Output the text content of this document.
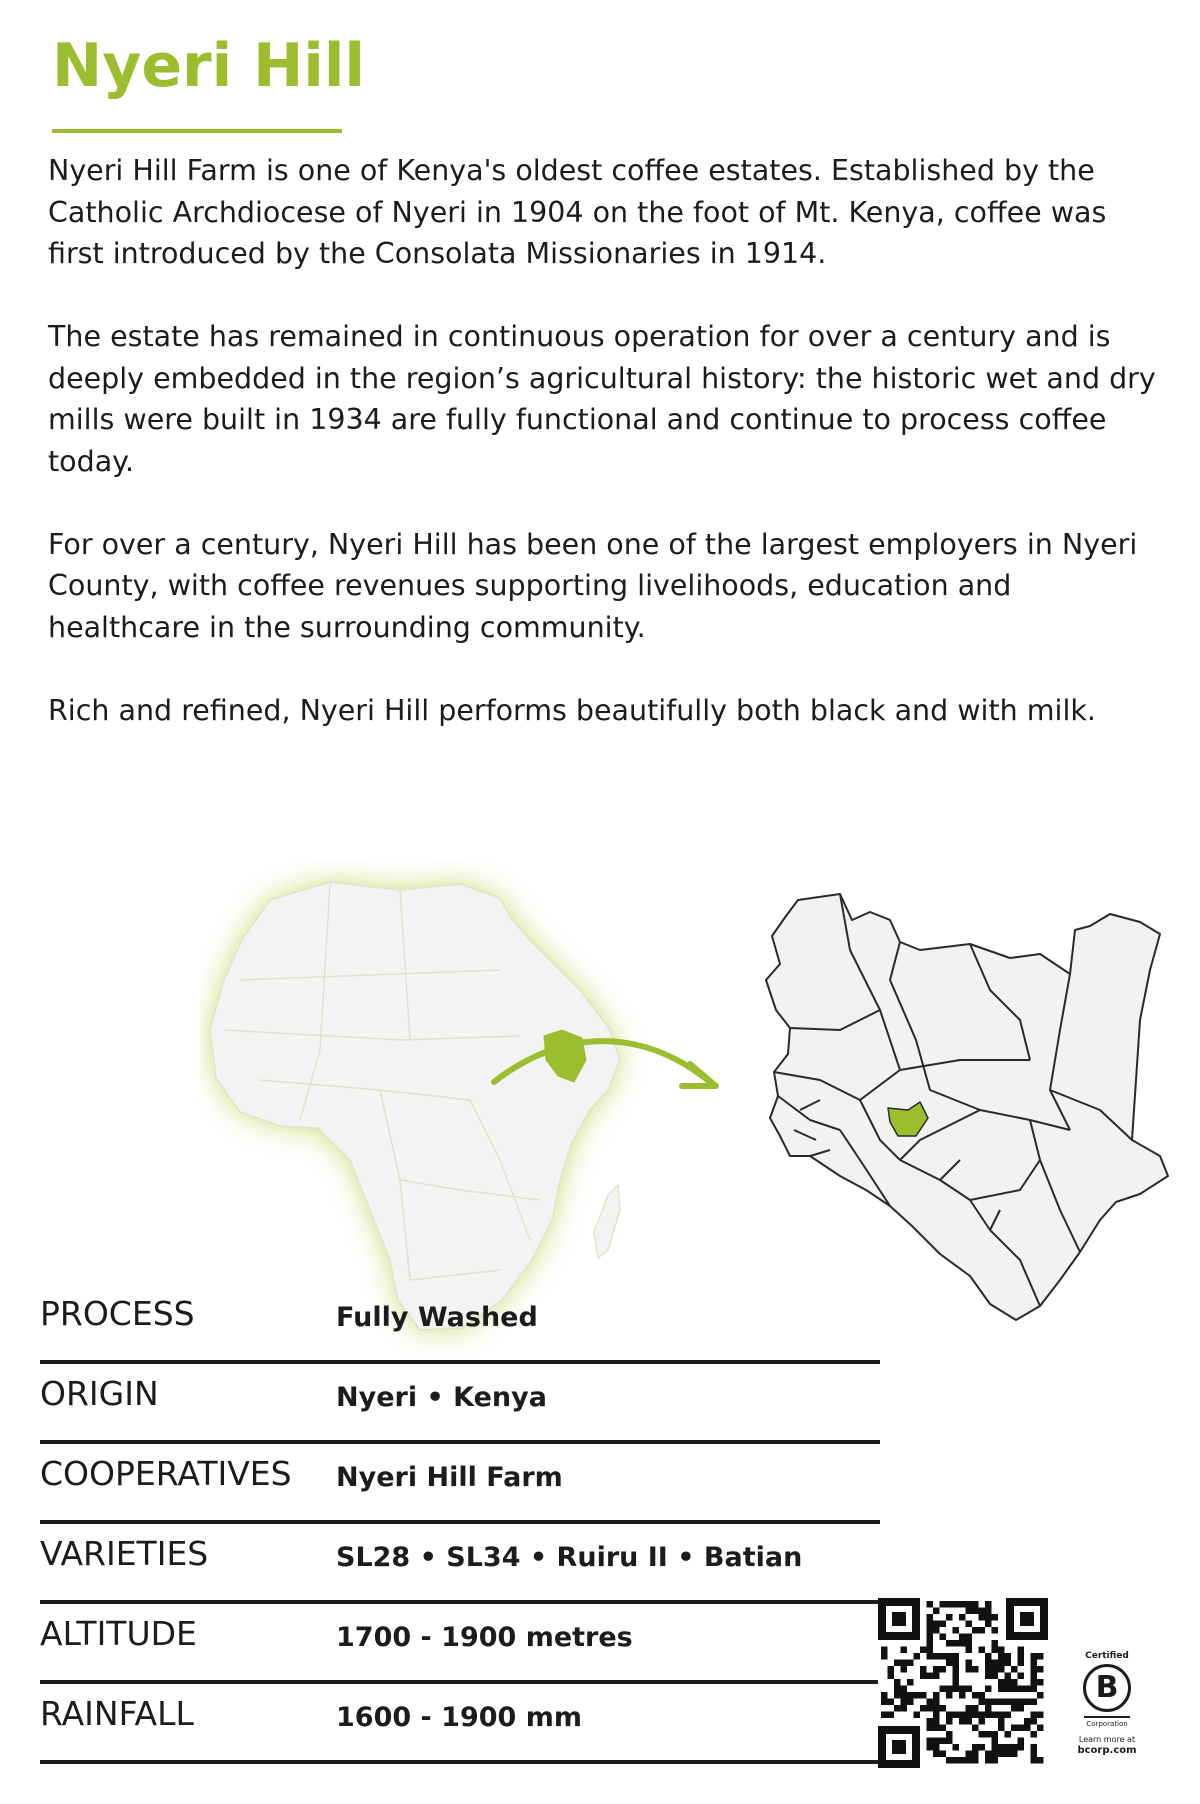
Nyeri Hill

Nyeri Hill Farm is one of Kenya's oldest coffee estates. Established by the Catholic Archdiocese of Nyeri in 1904 on the foot of Mt. Kenya, coffee was first introduced by the Consolata Missionaries in 1914.

The estate has remained in continuous operation for over a century and is deeply embedded in the region’s agricultural history: the historic wet and dry mills were built in 1934 are fully functional and continue to process coffee today.

For over a century, Nyeri Hill has been one of the largest employers in Nyeri County, with coffee revenues supporting livelihoods, education and healthcare in the surrounding community.

Rich and refined, Nyeri Hill performs beautifully both black and with milk.

PROCESS	Fully Washed
ORIGIN	Nyeri • Kenya
COOPERATIVES Nyeri Hill Farm
VARIETIES	SL28 • SL34 • Ruiru II • Batian
ALTITUDE	1700 - 1900 metres
RAINFALL	1600 - 1900 mm
Certified
B
Corporation
Learn more at
bcorp.com
